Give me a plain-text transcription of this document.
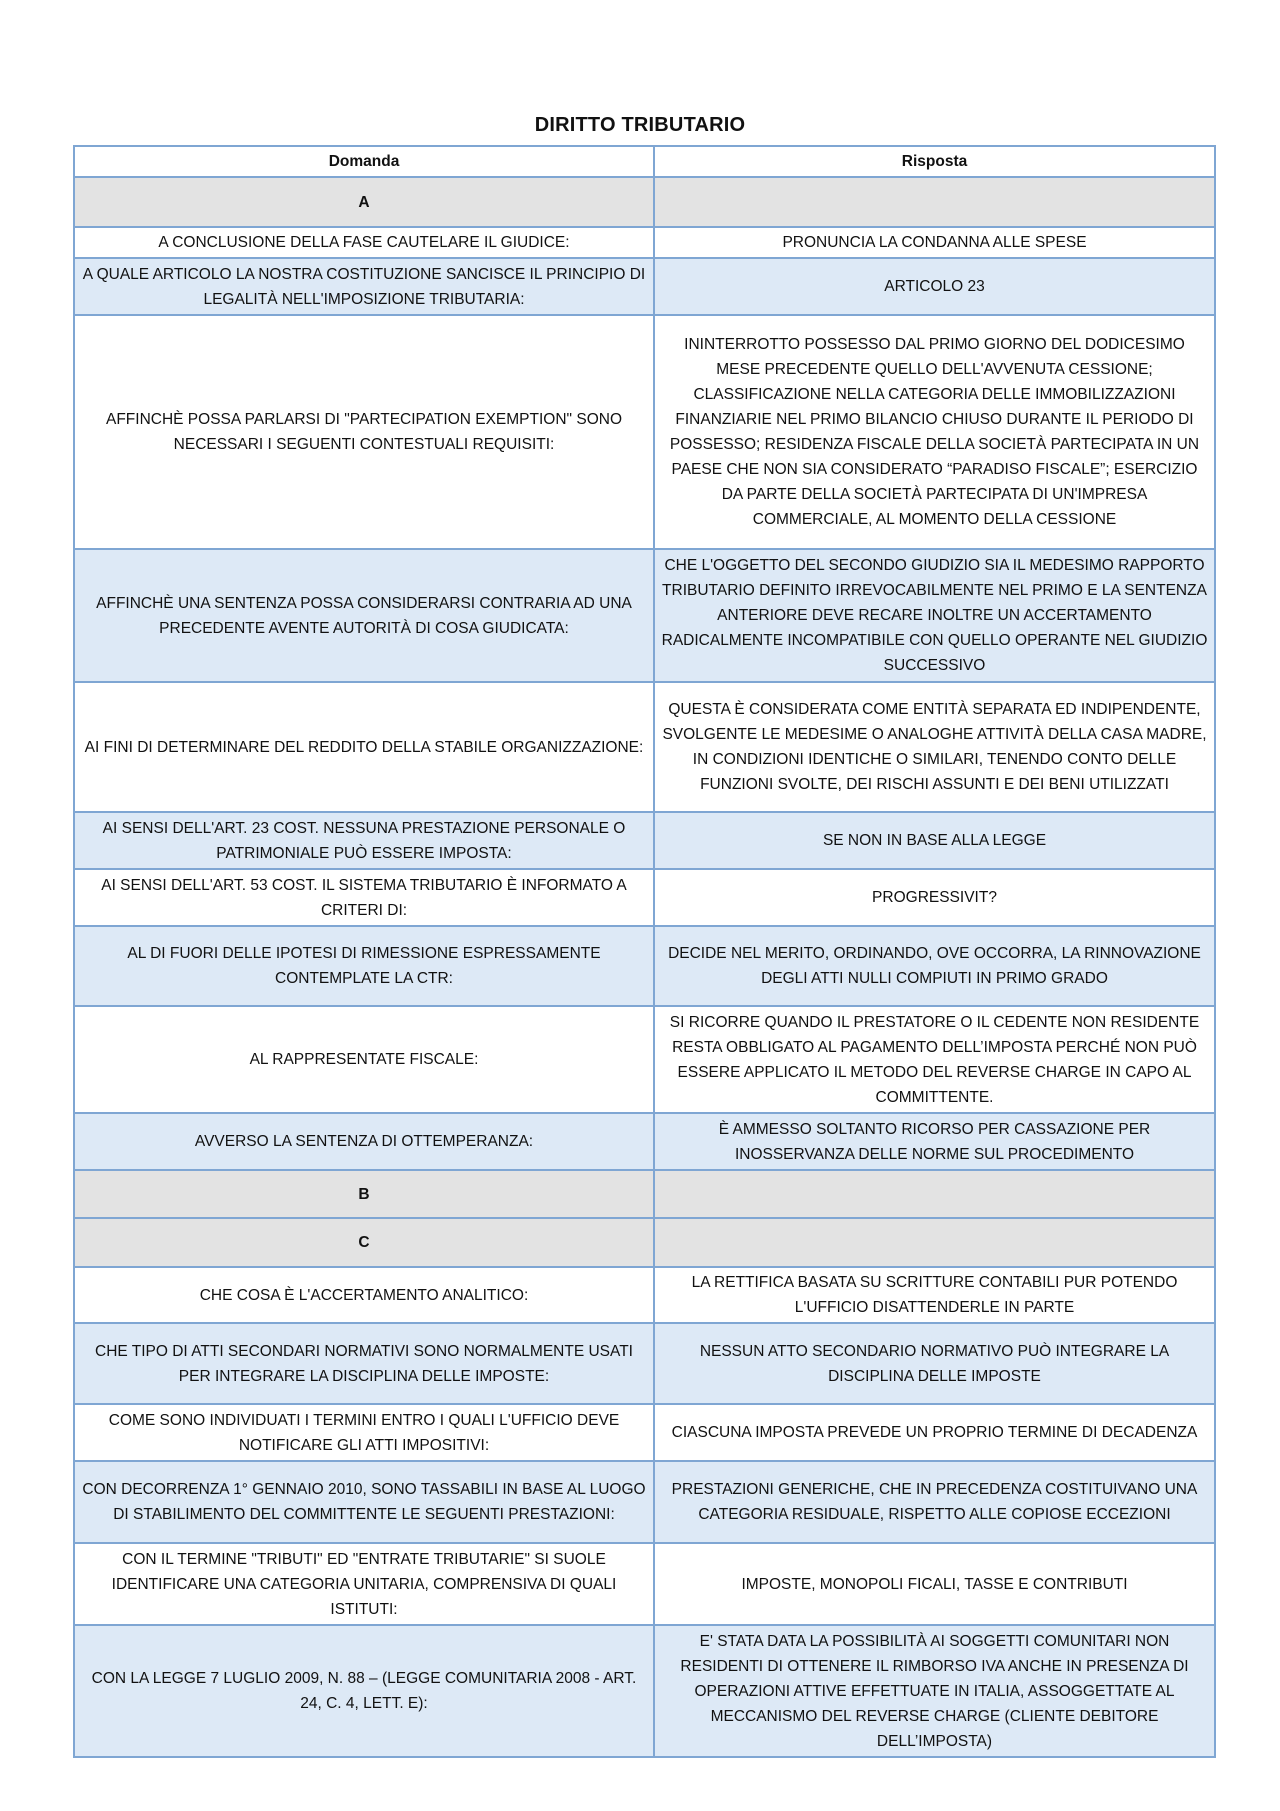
DIRITTO TRIBUTARIO
Domanda	Risposta
A	
A CONCLUSIONE DELLA FASE CAUTELARE IL GIUDICE:	PRONUNCIA LA CONDANNA ALLE SPESE
A QUALE ARTICOLO LA NOSTRA COSTITUZIONE SANCISCE IL PRINCIPIO DI LEGALITÀ NELL'IMPOSIZIONE TRIBUTARIA:	ARTICOLO 23
AFFINCHÈ POSSA PARLARSI DI "PARTECIPATION EXEMPTION" SONO NECESSARI I SEGUENTI CONTESTUALI REQUISITI:	ININTERROTTO POSSESSO DAL PRIMO GIORNO DEL DODICESIMO MESE PRECEDENTE QUELLO DELL'AVVENUTA CESSIONE; CLASSIFICAZIONE NELLA CATEGORIA DELLE IMMOBILIZZAZIONI FINANZIARIE NEL PRIMO BILANCIO CHIUSO DURANTE IL PERIODO DI POSSESSO; RESIDENZA FISCALE DELLA SOCIETÀ PARTECIPATA IN UN PAESE CHE NON SIA CONSIDERATO “PARADISO FISCALE”; ESERCIZIO DA PARTE DELLA SOCIETÀ PARTECIPATA DI UN'IMPRESA COMMERCIALE, AL MOMENTO DELLA CESSIONE
AFFINCHÈ UNA SENTENZA POSSA CONSIDERARSI CONTRARIA AD UNA PRECEDENTE AVENTE AUTORITÀ DI COSA GIUDICATA:	CHE L'OGGETTO DEL SECONDO GIUDIZIO SIA IL MEDESIMO RAPPORTO TRIBUTARIO DEFINITO IRREVOCABILMENTE NEL PRIMO E LA SENTENZA ANTERIORE DEVE RECARE INOLTRE UN ACCERTAMENTO RADICALMENTE INCOMPATIBILE CON QUELLO OPERANTE NEL GIUDIZIO SUCCESSIVO
AI FINI DI DETERMINARE DEL REDDITO DELLA STABILE ORGANIZZAZIONE:	QUESTA È CONSIDERATA COME ENTITÀ SEPARATA ED INDIPENDENTE, SVOLGENTE LE MEDESIME O ANALOGHE ATTIVITÀ DELLA CASA MADRE, IN CONDIZIONI IDENTICHE O SIMILARI, TENENDO CONTO DELLE FUNZIONI SVOLTE, DEI RISCHI ASSUNTI E DEI BENI UTILIZZATI
AI SENSI DELL'ART. 23 COST. NESSUNA PRESTAZIONE PERSONALE O PATRIMONIALE PUÒ ESSERE IMPOSTA:	SE NON IN BASE ALLA LEGGE
AI SENSI DELL'ART. 53 COST. IL SISTEMA TRIBUTARIO È INFORMATO A CRITERI DI:	PROGRESSIVIT?
AL DI FUORI DELLE IPOTESI DI RIMESSIONE ESPRESSAMENTE CONTEMPLATE LA CTR:	DECIDE NEL MERITO, ORDINANDO, OVE OCCORRA, LA RINNOVAZIONE DEGLI ATTI NULLI COMPIUTI IN PRIMO GRADO
AL RAPPRESENTATE FISCALE:	SI RICORRE QUANDO IL PRESTATORE O IL CEDENTE NON RESIDENTE RESTA OBBLIGATO AL PAGAMENTO DELL’IMPOSTA PERCHÉ NON PUÒ ESSERE APPLICATO IL METODO DEL REVERSE CHARGE IN CAPO AL COMMITTENTE.
AVVERSO LA SENTENZA DI OTTEMPERANZA:	È AMMESSO SOLTANTO RICORSO PER CASSAZIONE PER INOSSERVANZA DELLE NORME SUL PROCEDIMENTO
B	
C	
CHE COSA È L'ACCERTAMENTO ANALITICO:	LA RETTIFICA BASATA SU SCRITTURE CONTABILI PUR POTENDO L'UFFICIO DISATTENDERLE IN PARTE
CHE TIPO DI ATTI SECONDARI NORMATIVI SONO NORMALMENTE USATI PER INTEGRARE LA DISCIPLINA DELLE IMPOSTE:	NESSUN ATTO SECONDARIO NORMATIVO PUÒ INTEGRARE LA DISCIPLINA DELLE IMPOSTE
COME SONO INDIVIDUATI I TERMINI ENTRO I QUALI L'UFFICIO DEVE NOTIFICARE GLI ATTI IMPOSITIVI:	CIASCUNA IMPOSTA PREVEDE UN PROPRIO TERMINE DI DECADENZA
CON DECORRENZA 1° GENNAIO 2010, SONO TASSABILI IN BASE AL LUOGO DI STABILIMENTO DEL COMMITTENTE LE SEGUENTI PRESTAZIONI:	PRESTAZIONI GENERICHE, CHE IN PRECEDENZA COSTITUIVANO UNA CATEGORIA RESIDUALE, RISPETTO ALLE COPIOSE ECCEZIONI
CON IL TERMINE "TRIBUTI" ED "ENTRATE TRIBUTARIE" SI SUOLE IDENTIFICARE UNA CATEGORIA UNITARIA, COMPRENSIVA DI QUALI ISTITUTI:	IMPOSTE, MONOPOLI FICALI, TASSE E CONTRIBUTI
CON LA LEGGE 7 LUGLIO 2009, N. 88 – (LEGGE COMUNITARIA 2008 - ART. 24, C. 4, LETT. E):	E' STATA DATA LA POSSIBILITÀ AI SOGGETTI COMUNITARI NON RESIDENTI DI OTTENERE IL RIMBORSO IVA ANCHE IN PRESENZA DI OPERAZIONI ATTIVE EFFETTUATE IN ITALIA, ASSOGGETTATE AL MECCANISMO DEL REVERSE CHARGE (CLIENTE DEBITORE DELL’IMPOSTA)
